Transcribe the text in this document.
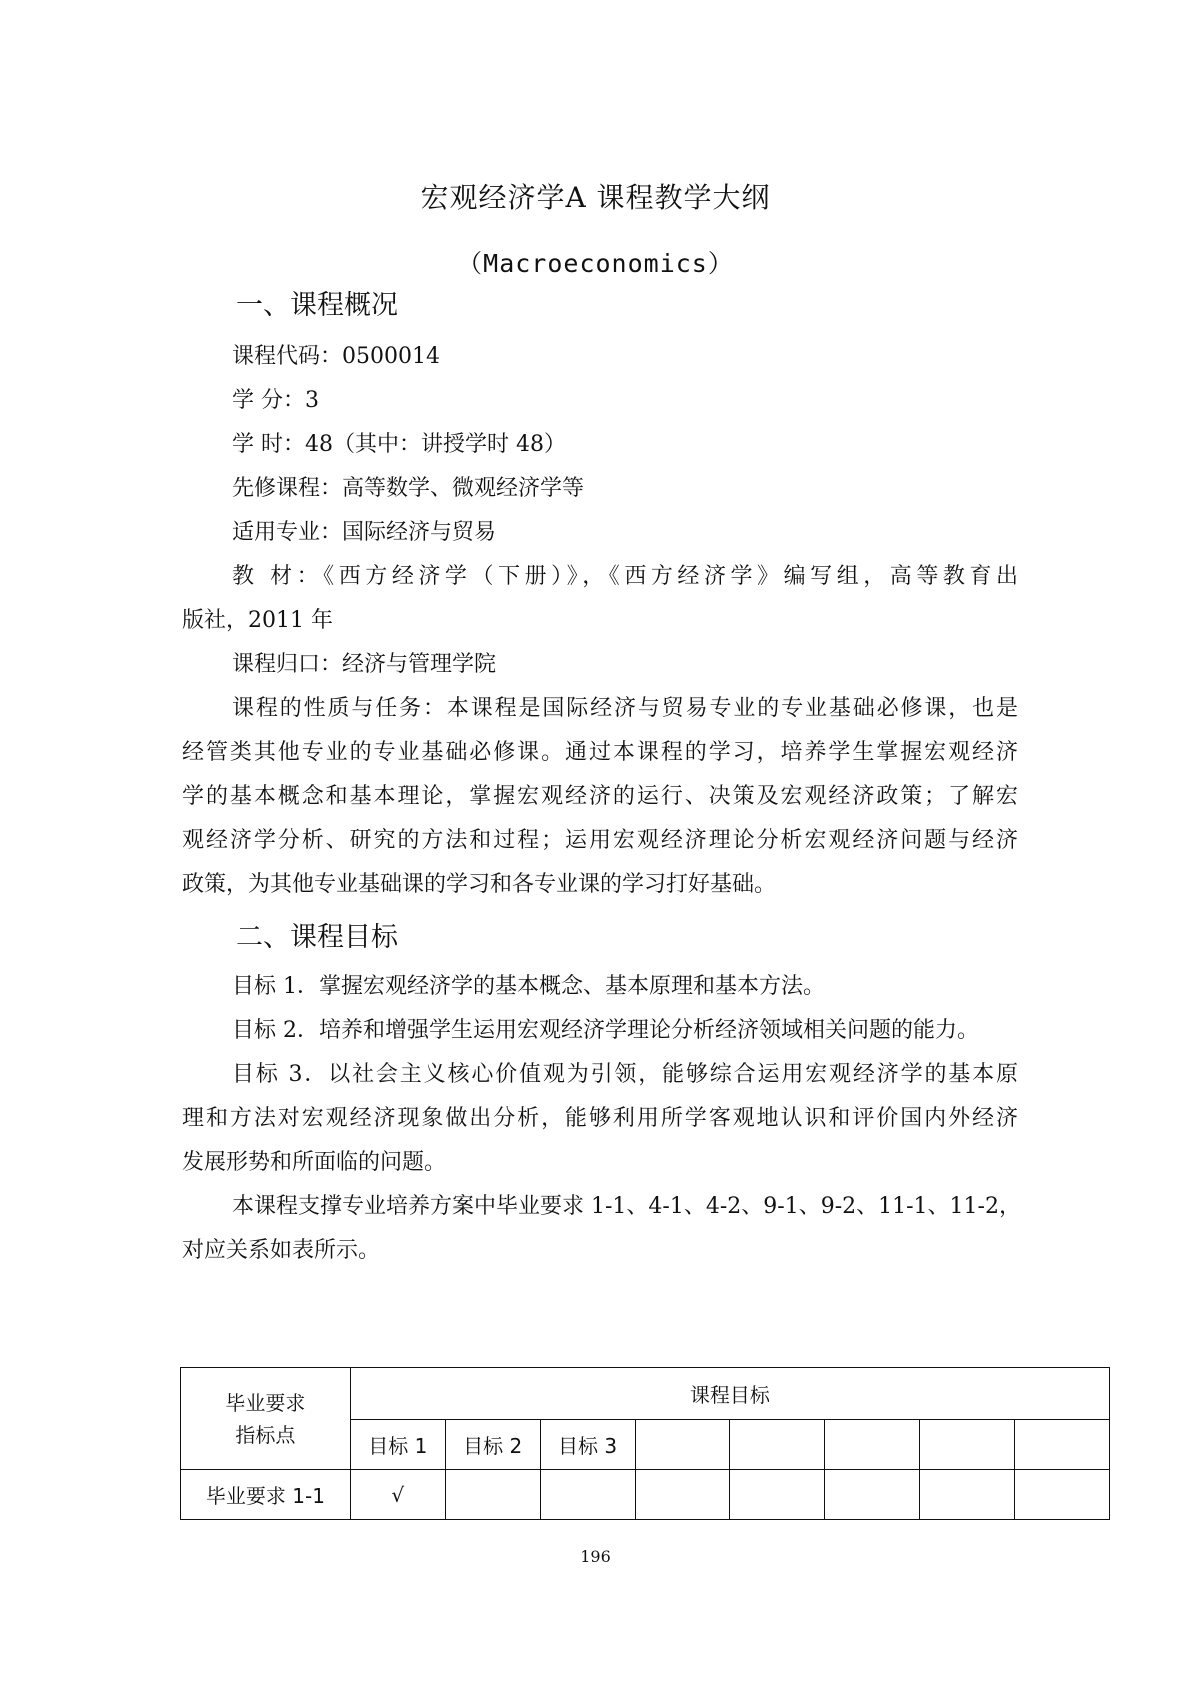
宏观经济学A 课程教学大纲
（Macroeconomics）
一、课程概况
课程代码：0500014
学 分：3
学 时：48（其中：讲授学时 48）
先修课程：高等数学、微观经济学等
适用专业：国际经济与贸易
教 材：《西方经济学（下册）》，《西方经济学》编写组，高等教育出
版社，2011 年
课程归口：经济与管理学院
课程的性质与任务：本课程是国际经济与贸易专业的专业基础必修课，也是
经管类其他专业的专业基础必修课。通过本课程的学习，培养学生掌握宏观经济
学的基本概念和基本理论，掌握宏观经济的运行、决策及宏观经济政策；了解宏
观经济学分析、研究的方法和过程；运用宏观经济理论分析宏观经济问题与经济
政策，为其他专业基础课的学习和各专业课的学习打好基础。
二、课程目标
目标 1．掌握宏观经济学的基本概念、基本原理和基本方法。
目标 2．培养和增强学生运用宏观经济学理论分析经济领域相关问题的能力。
目标 3．以社会主义核心价值观为引领，能够综合运用宏观经济学的基本原
理和方法对宏观经济现象做出分析，能够利用所学客观地认识和评价国内外经济
发展形势和所面临的问题。
本课程支撑专业培养方案中毕业要求 1-1、4-1、4-2、9-1、9-2、11-1、11-2，
对应关系如表所示。
毕业要求
指标点	课程目标							
	目标 1	目标 2	目标 3					
毕业要求 1-1	√							
196
